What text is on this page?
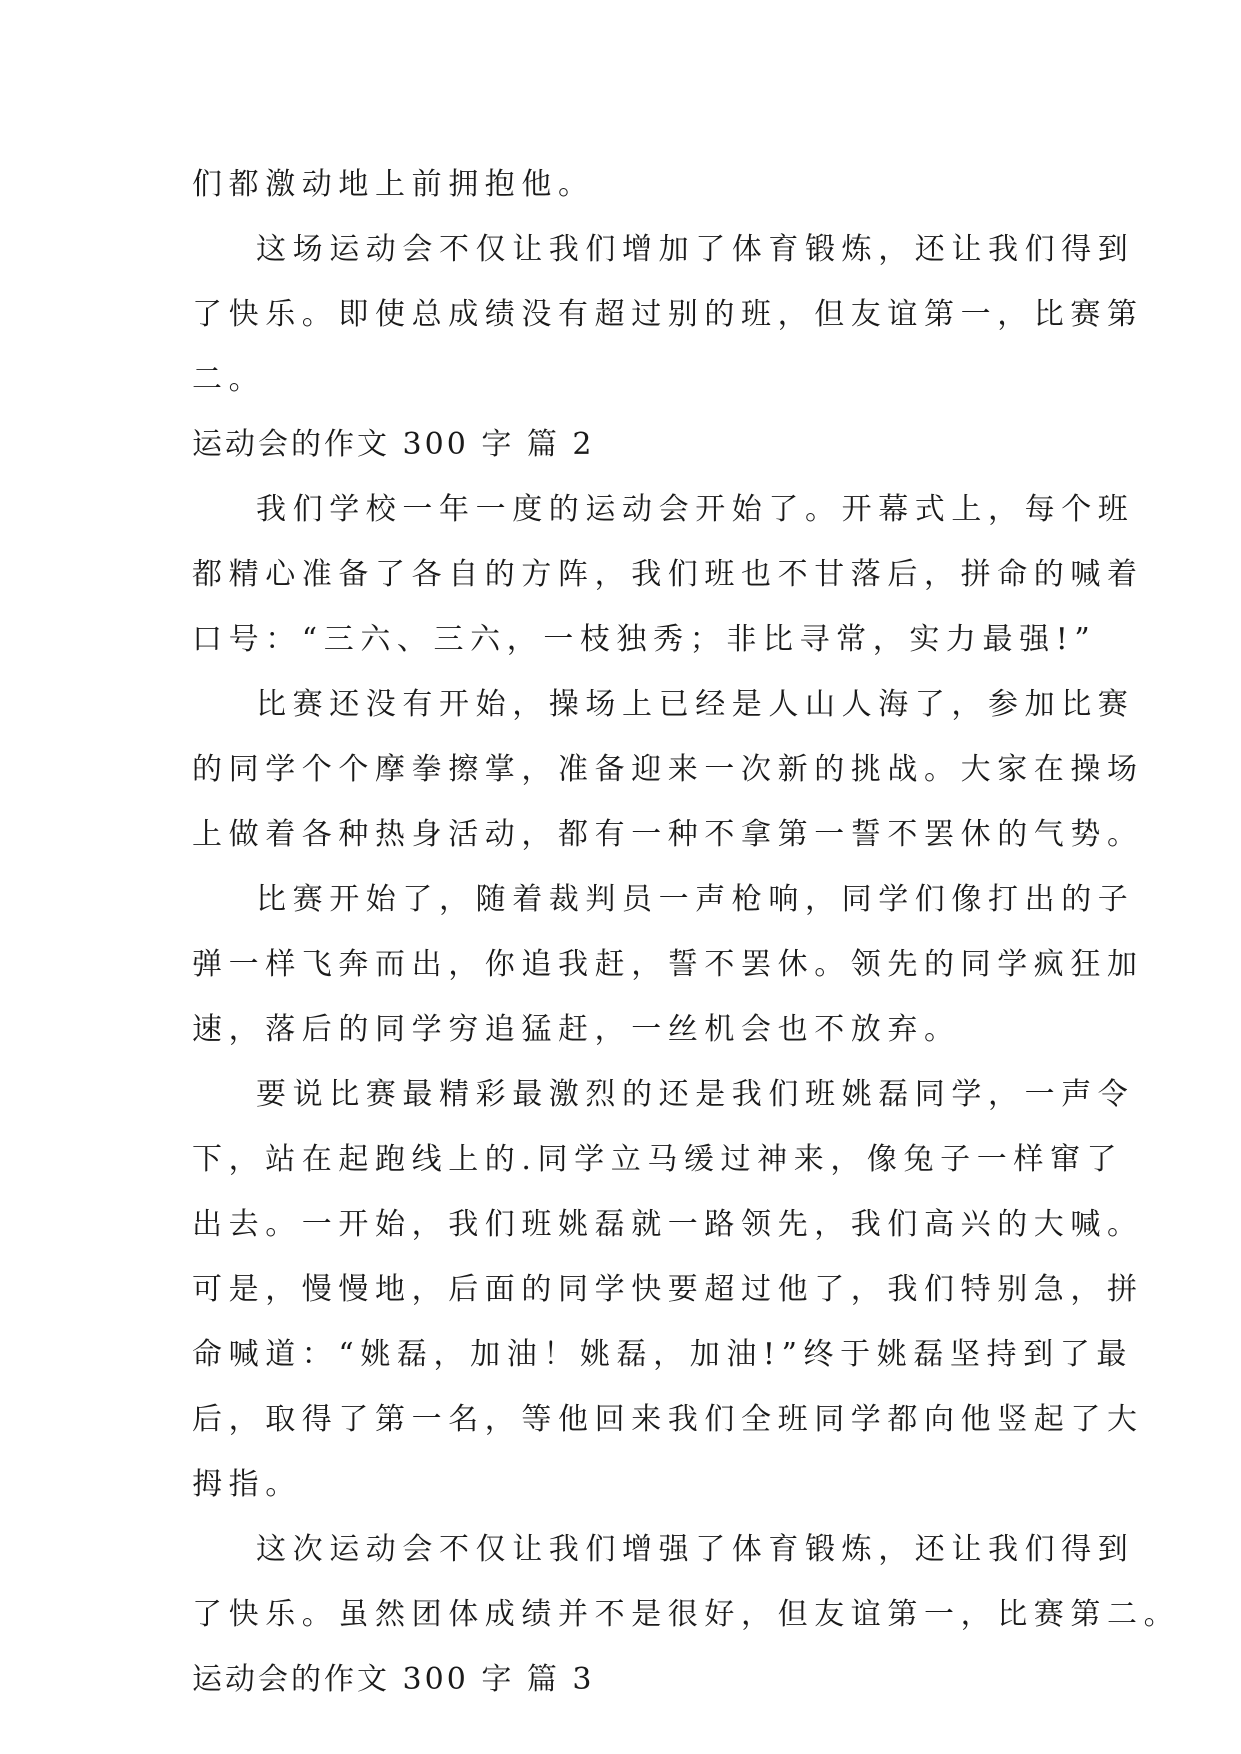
们都激动地上前拥抱他。
这场运动会不仅让我们增加了体育锻炼，还让我们得到
了快乐。即使总成绩没有超过别的班，但友谊第一，比赛第
二。
运动会的作文 300 字 篇 2
我们学校一年一度的运动会开始了。开幕式上，每个班
都精心准备了各自的方阵，我们班也不甘落后，拼命的喊着
口号：“三六、三六，一枝独秀；非比寻常，实力最强!”
比赛还没有开始，操场上已经是人山人海了，参加比赛
的同学个个摩拳擦掌，准备迎来一次新的挑战。大家在操场
上做着各种热身活动，都有一种不拿第一誓不罢休的气势。
比赛开始了，随着裁判员一声枪响，同学们像打出的子
弹一样飞奔而出，你追我赶，誓不罢休。领先的同学疯狂加
速，落后的同学穷追猛赶，一丝机会也不放弃。
要说比赛最精彩最激烈的还是我们班姚磊同学，一声令
下，站在起跑线上的.同学立马缓过神来，像兔子一样窜了
出去。一开始，我们班姚磊就一路领先，我们高兴的大喊。
可是，慢慢地，后面的同学快要超过他了，我们特别急，拼
命喊道：“姚磊，加油！姚磊，加油!”终于姚磊坚持到了最
后，取得了第一名，等他回来我们全班同学都向他竖起了大
拇指。
这次运动会不仅让我们增强了体育锻炼，还让我们得到
了快乐。虽然团体成绩并不是很好，但友谊第一，比赛第二。
运动会的作文 300 字 篇 3
